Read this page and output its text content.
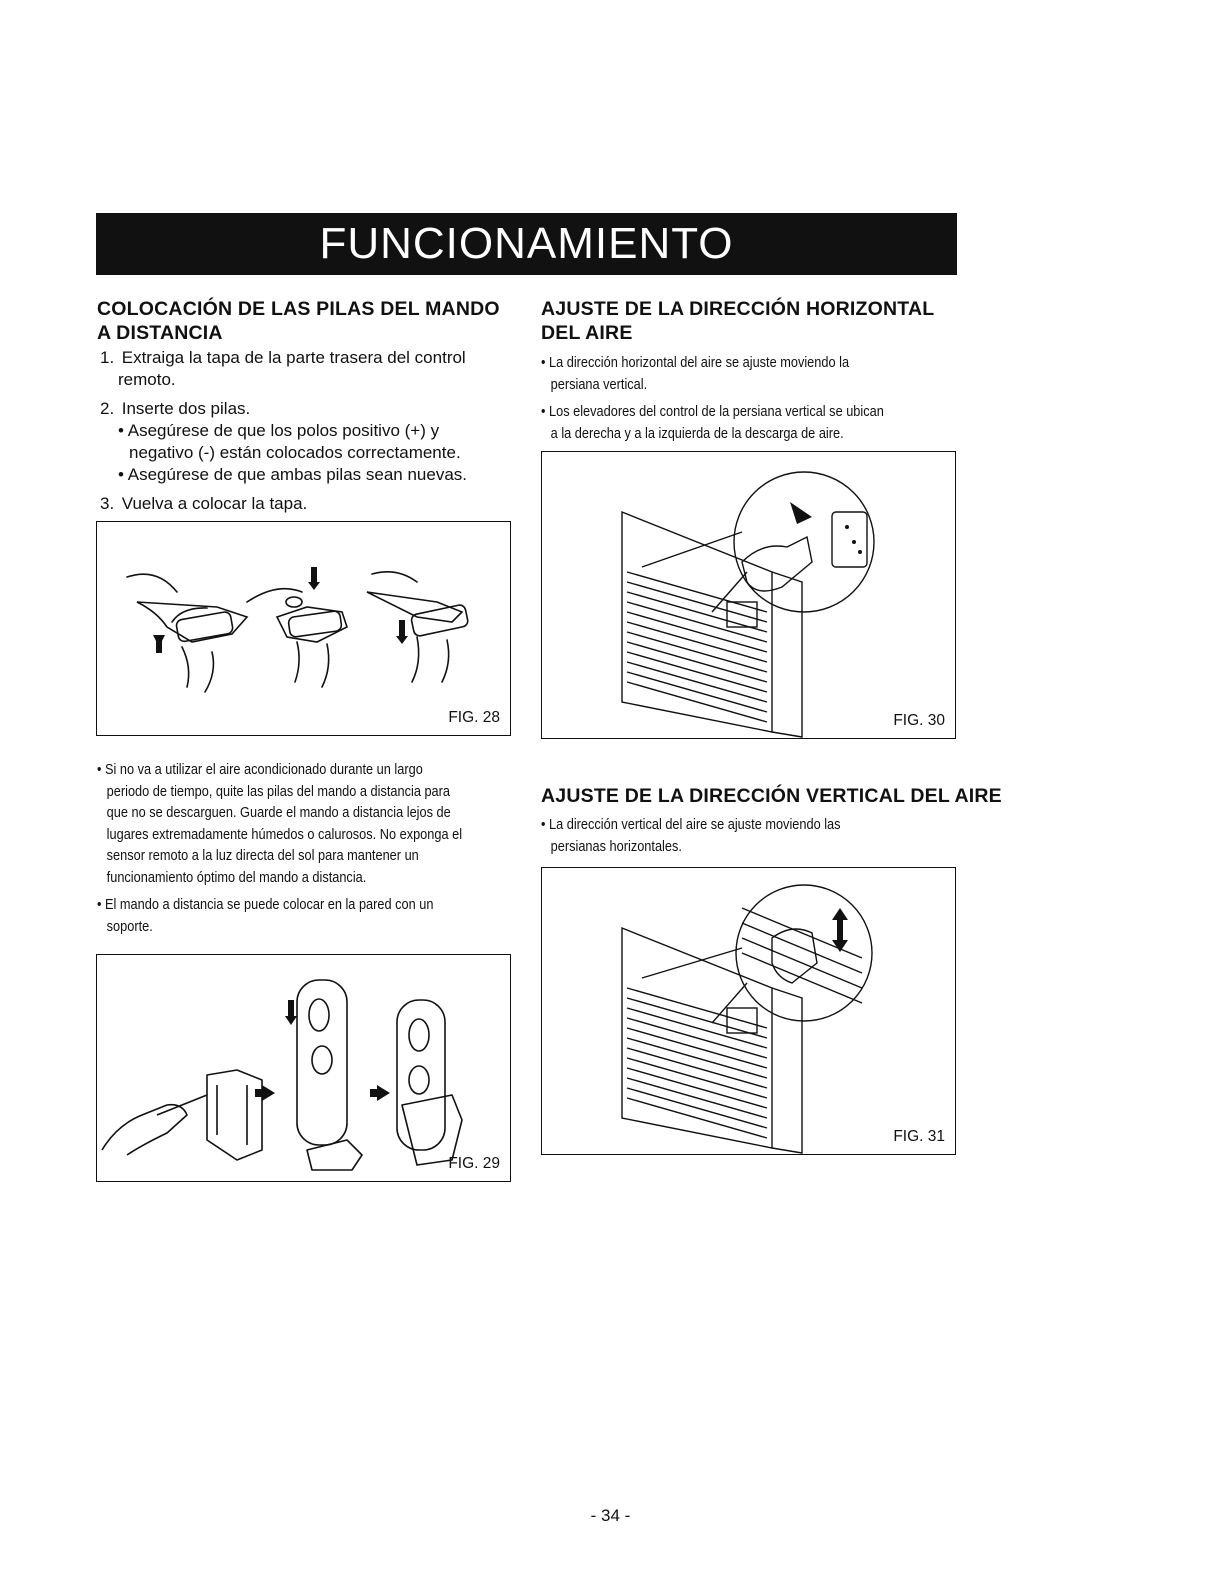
FUNCIONAMIENTO
COLOCACIÓN DE LAS PILAS DEL MANDO
A DISTANCIA
1. Extraiga la tapa de la parte trasera del control
remoto.
2. Inserte dos pilas.
• Asegúrese de que los polos positivo (+) y
negativo (-) están colocados correctamente.
• Asegúrese de que ambas pilas sean nuevas.
3. Vuelva a colocar la tapa.
FIG. 28

• Si no va a utilizar el aire acondicionado durante un largo

periodo de tiempo, quite las pilas del mando a distancia para
que no se descarguen. Guarde el mando a distancia lejos de
lugares extremadamente húmedos o calurosos. No exponga el
sensor remoto a la luz directa del sol para mantener un
funcionamiento óptimo del mando a distancia.

• El mando a distancia se puede colocar en la pared con un

soporte.

FIG. 29
AJUSTE DE LA DIRECCIÓN HORIZONTAL
DEL AIRE

• La dirección horizontal del aire se ajuste moviendo la

persiana vertical.

• Los elevadores del control de la persiana vertical se ubican

a la derecha y a la izquierda de la descarga de aire.

FIG. 30
AJUSTE DE LA DIRECCIÓN VERTICAL DEL AIRE

• La dirección vertical del aire se ajuste moviendo las

persianas horizontales.

FIG. 31
- 34 -
